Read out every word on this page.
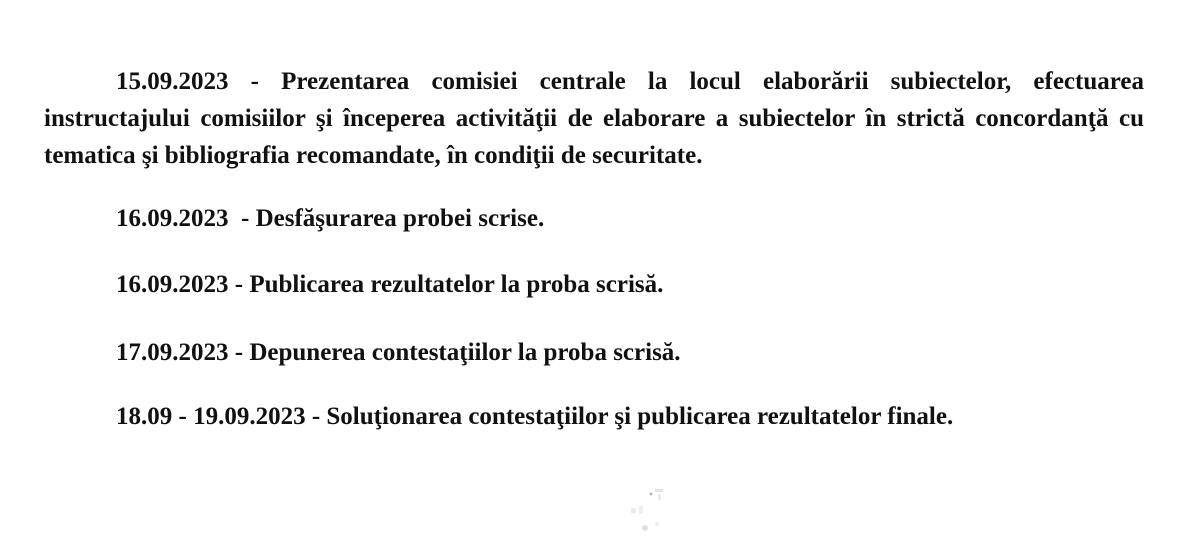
15.09.2023 - Prezentarea comisiei centrale la locul elaborării subiectelor, efectuarea instructajului comisiilor şi începerea activităţii de elaborare a subiectelor în strictă concordanţă cu tematica şi bibliografia recomandate, în condiţii de securitate.
16.09.2023  - Desfăşurarea probei scrise.
16.09.2023 - Publicarea rezultatelor la proba scrisă.
17.09.2023 - Depunerea contestaţiilor la proba scrisă.
18.09 - 19.09.2023 - Soluţionarea contestaţiilor şi publicarea rezultatelor finale.
